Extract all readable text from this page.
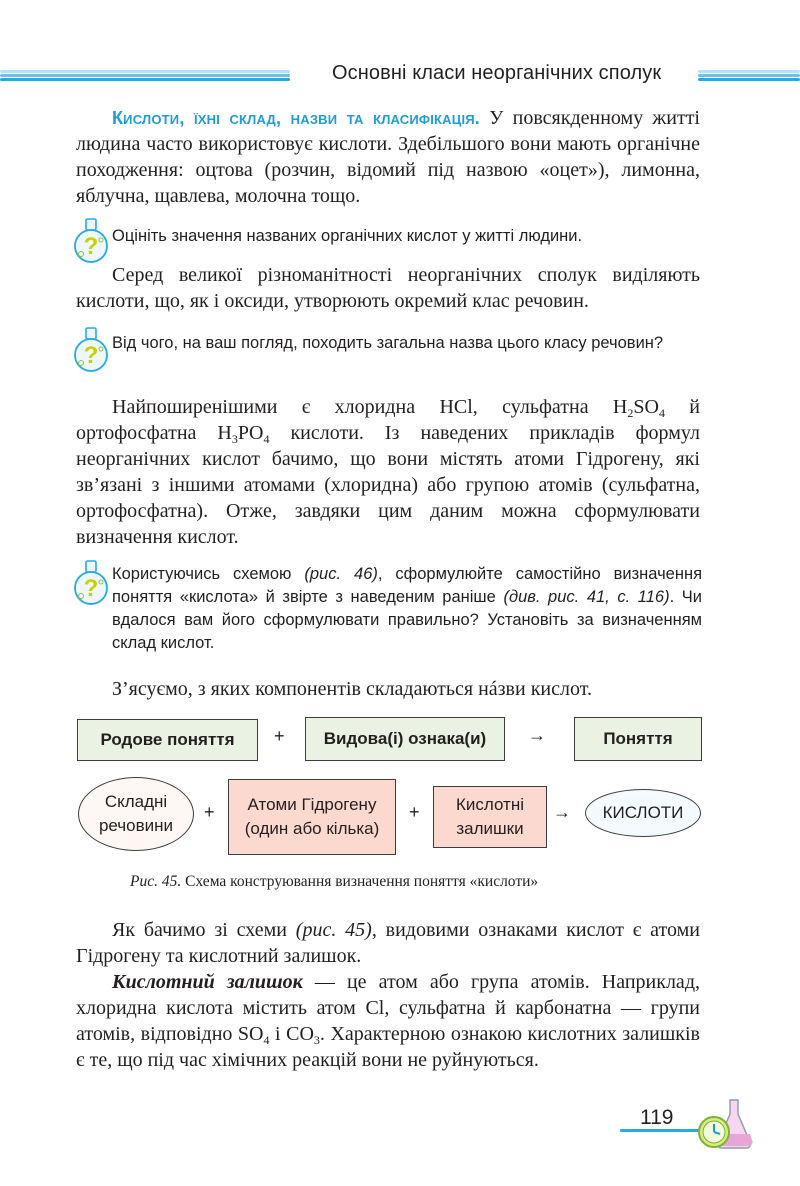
Основні класи неорганічних сполук

Кислоти, їхні склад, назви та класифікація. У повсякденному житті людина часто використовує кислоти. Здебільшого вони мають органічне походження: оцтова (розчин, відомий під назвою «оцет»), лимонна, яблучна, щавлева, молочна тощо.

? Оцініть значення названих органічних кислот у житті людини.

Серед великої різноманітності неорганічних сполук виділяють кислоти, що, як і оксиди, утворюють окремий клас речовин.

? Від чого, на ваш погляд, походить загальна назва цього класу речовин?

Найпоширенішими є хлоридна HCl, сульфатна $H_2SO_4$ й ортофосфатна $H_3PO_4$ кислоти. Із наведених прикладів формул неорганічних кислот бачимо, що вони містять атоми Гідрогену, які зв’язані з іншими атомами (хлоридна) або групою атомів (сульфатна, ортофосфатна). Отже, завдяки цим даним можна сформулювати визначення кислот.

?
Користуючись схемою (рис. 46), сформулюйте самостійно визначення поняття «кислота» й звірте з наведеним раніше (див. рис. 41, с. 116). Чи вдалося вам його сформулювати правильно? Установіть за визначенням склад кислот.

З’ясуємо, з яких компонентів складаються нáзви кислот.

Родове поняття	+	Видова(і) ознака(и)	→	Поняття
Складні
речовини
+ Атоми Гідрогену
(один або кілька)
+ Кислотні
залишки
→	КИСЛОТИ
Рис. 45. Схема конструювання визначення поняття «кислоти»

Як бачимо зі схеми (рис. 45), видовими ознаками кислот є атоми Гідрогену та кислотний залишок.

Кислотний залишок — це атом або група атомів. Наприклад, хлоридна кислота містить атом Cl, сульфатна й карбонатна — групи атомів, відповідно $SO_4$ і $CO_3$. Характерною ознакою кислотних залишків є те, що під час хімічних реакцій вони не руйнуються.

119
